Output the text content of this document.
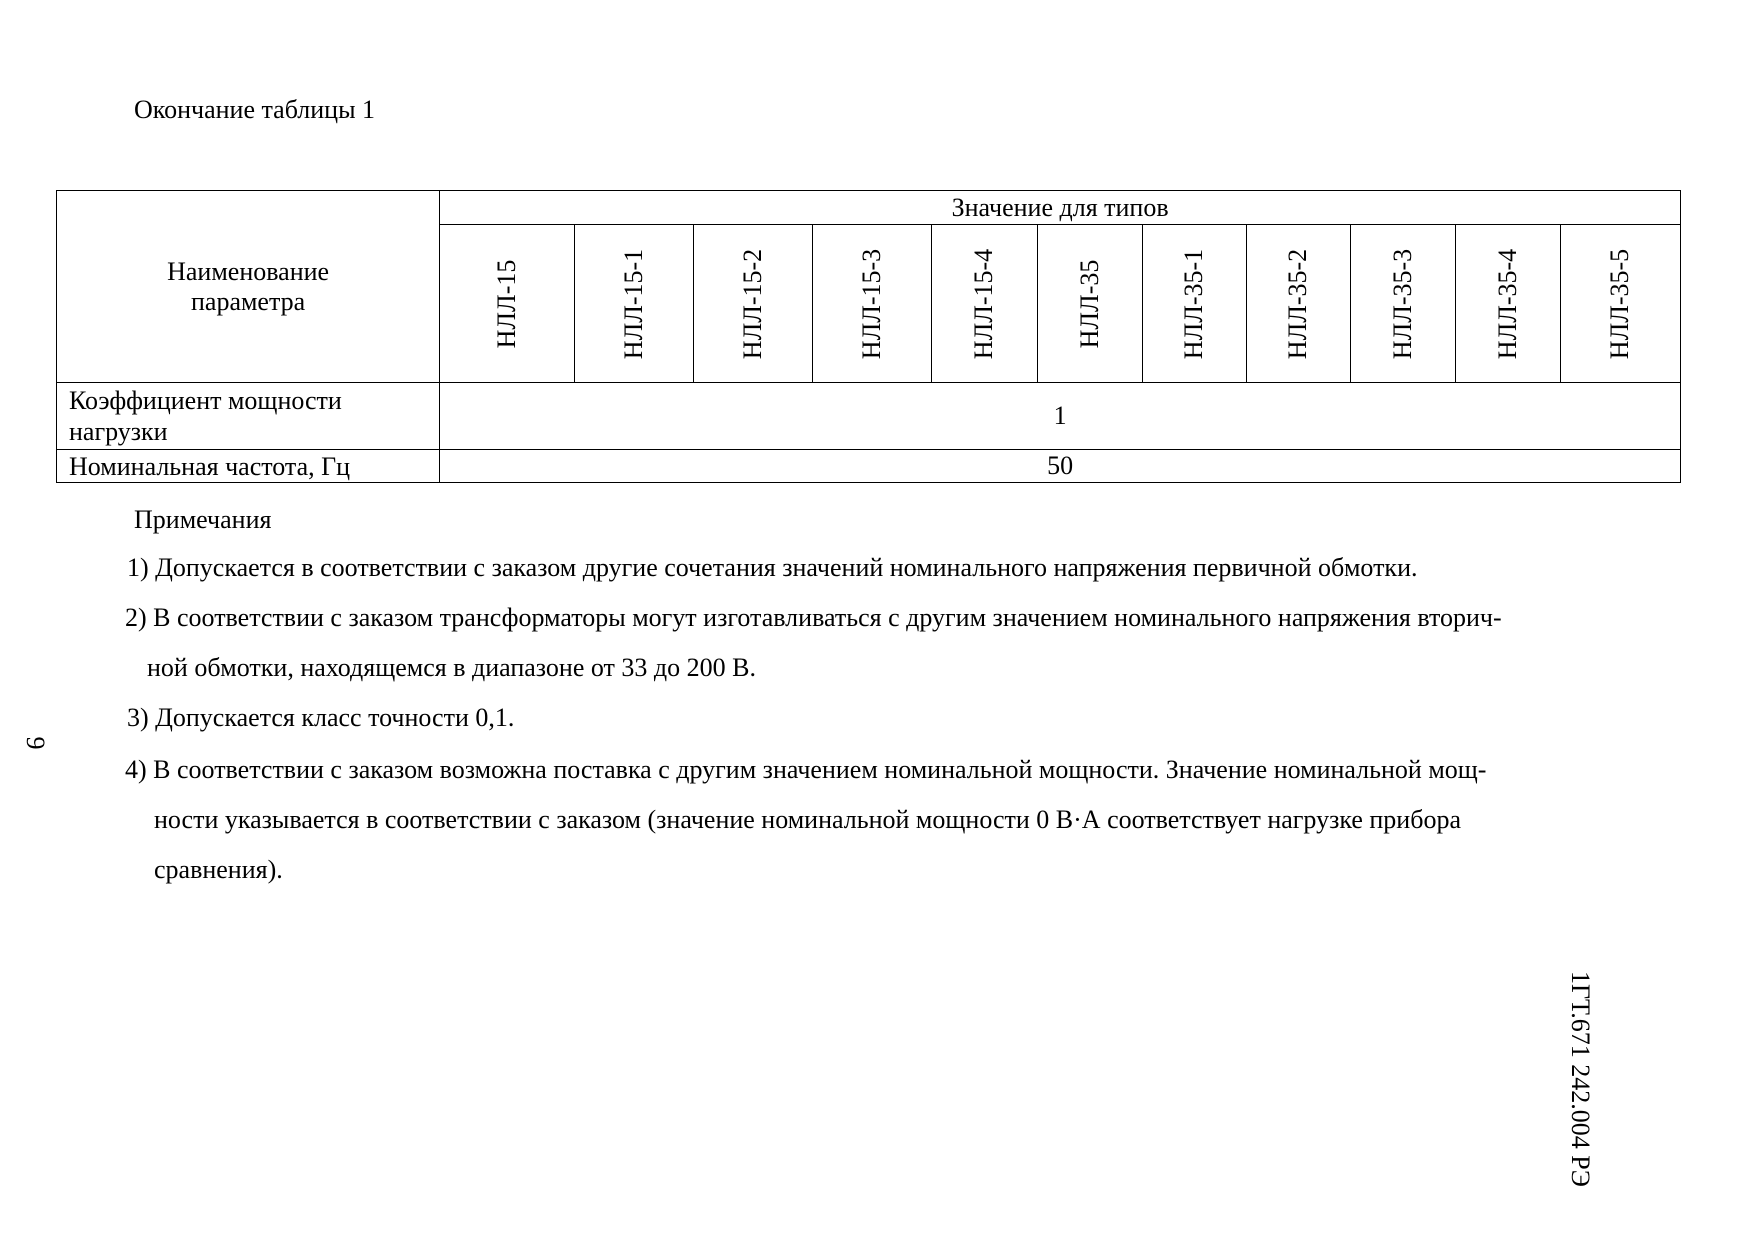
Окончание таблицы 1
Наименование
параметра	Значение для типов										

	НЛЛ-15	НЛЛ-15-1	НЛЛ-15-2	НЛЛ-15-3	НЛЛ-15-4	НЛЛ-35	НЛЛ-35-1	НЛЛ-35-2	НЛЛ-35-3	НЛЛ-35-4	НЛЛ-35-5

Коэффициент мощности
нагрузки	1										
Номинальная частота, Гц	50										
Примечания
1) Допускается в соответствии с заказом другие сочетания значений номинального напряжения первичной обмотки.
2) В соответствии с заказом трансформаторы могут изготавливаться с другим значением номинального напряжения вторич-
ной обмотки, находящемся в диапазоне от 33 до 200 В.
3) Допускается класс точности 0,1.
4) В соответствии с заказом возможна поставка с другим значением номинальной мощности. Значение номинальной мощ-
ности указывается в соответствии с заказом (значение номинальной мощности 0 В·А соответствует нагрузке прибора
сравнения).
9
1ГТ.671 242.004 РЭ
